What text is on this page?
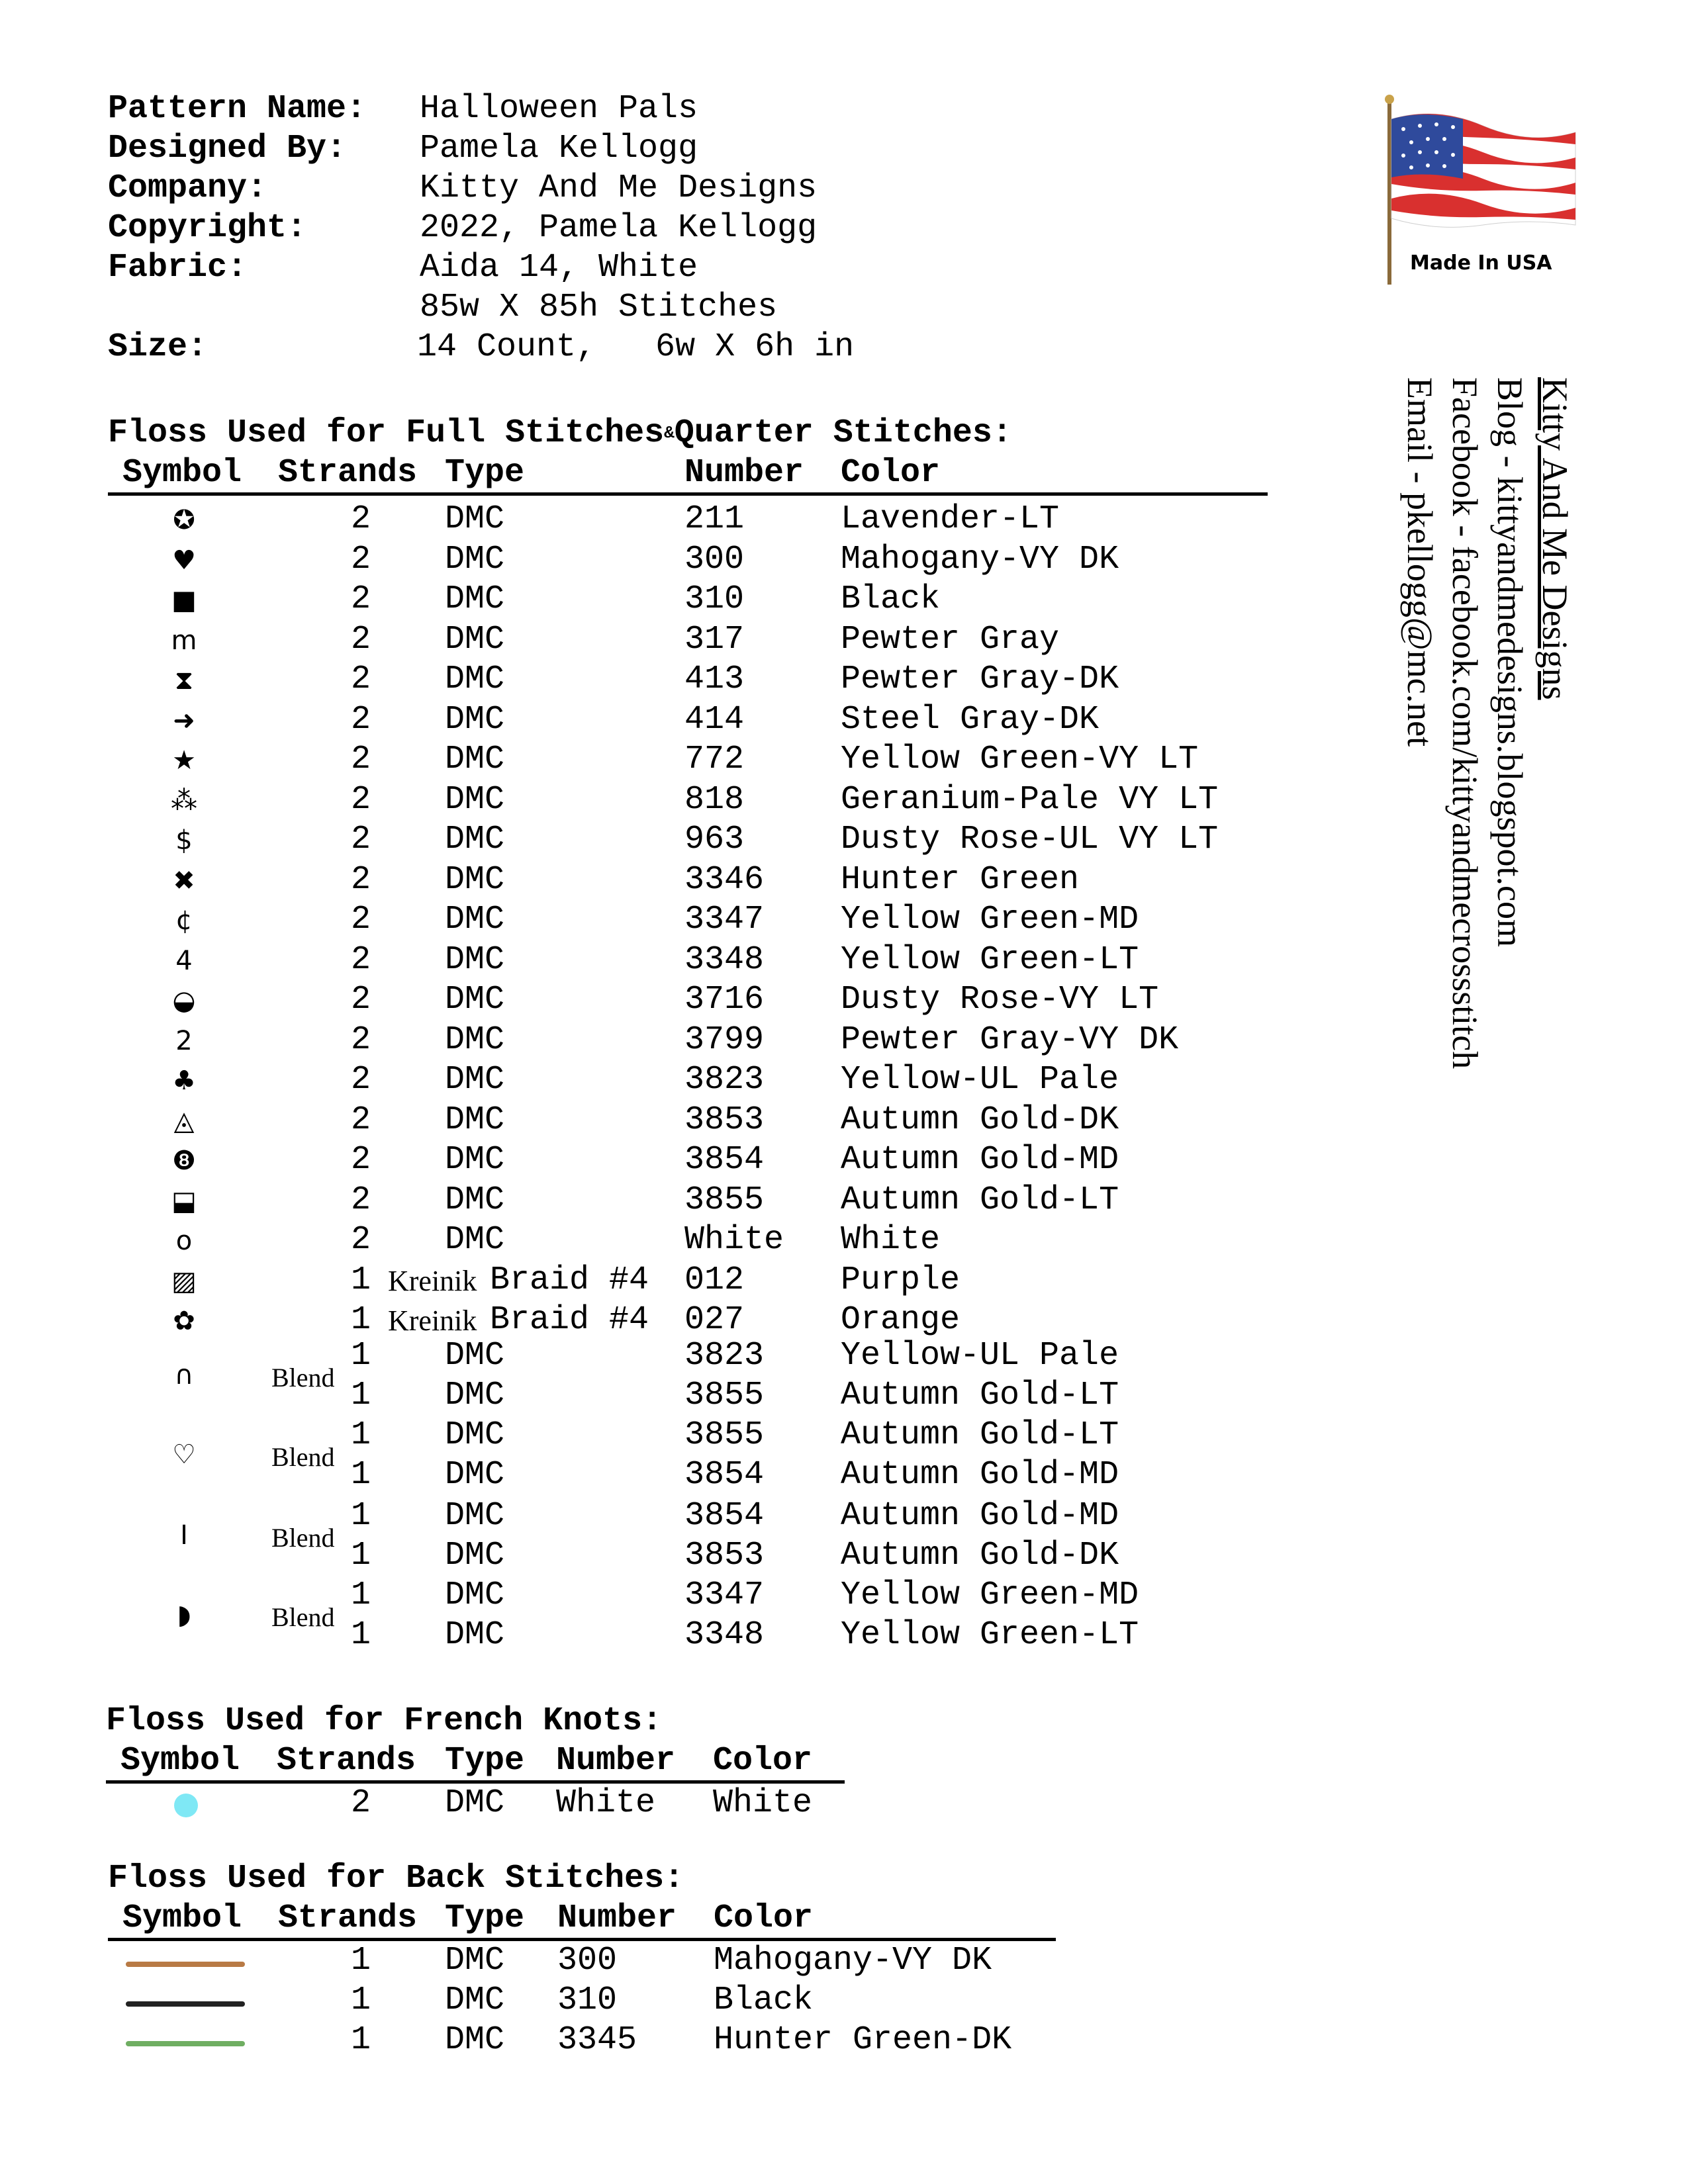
Pattern Name: Halloween Pals
Designed By: Pamela Kellogg
Company:	Kitty And Me Designs
Copyright:	2022, Pamela Kellogg
Fabric:	Aida 14, White
85w X 85h Stitches
Size:	14 Count,   6w X 6h in
Made In USA
Kitty And Me Designs
Blog - kittyandmedesigns.blogspot.com
Facebook - facebook.com/kittyandmecrossstitch
Email - pkellogg@mc.net
Floss Used for Full Stitches&Quarter Stitches:
Symbol Strands Type	Number Color
✪	2 DMC	211	Lavender-LT
♥	2 DMC	300	Mahogany-VY DK
■	2 DMC	310	Black
m	2 DMC	317	Pewter Gray
⧗	2 DMC	413	Pewter Gray-DK
➜	2 DMC	414	Steel Gray-DK
★	2 DMC	772	Yellow Green-VY LT
⁂	2 DMC	818	Geranium-Pale VY LT
$	2 DMC	963	Dusty Rose-UL VY LT
✖	2 DMC	3346 Hunter Green
¢	2 DMC	3347 Yellow Green-MD
4	2 DMC	3348 Yellow Green-LT
◒	2 DMC	3716 Dusty Rose-VY LT
2	2 DMC	3799 Pewter Gray-VY DK
♣	2 DMC	3823 Yellow-UL Pale
◬	2 DMC	3853 Autumn Gold-DK
❽	2 DMC	3854 Autumn Gold-MD
⬓	2 DMC	3855 Autumn Gold-LT
o	2 DMC	White White
▨	1 Kreinik Braid #4 012	Purple
✿	1 Kreinik Braid #4 027	Orange
∩	Blend
1 DMC	3823 Yellow-UL Pale
1 DMC	3855 Autumn Gold-LT
♡	Blend
1 DMC	3855 Autumn Gold-LT
1 DMC	3854 Autumn Gold-MD
I	Blend
1 DMC	3854 Autumn Gold-MD
1 DMC	3853 Autumn Gold-DK
◗	Blend
1 DMC	3347 Yellow Green-MD
1 DMC	3348 Yellow Green-LT
Floss Used for French Knots:
Symbol Strands Type Number Color
2 DMC White White
Floss Used for Back Stitches:
Symbol Strands Type Number Color
1 DMC 300	Mahogany-VY DK
1 DMC 310	Black
1 DMC 3345 Hunter Green-DK
